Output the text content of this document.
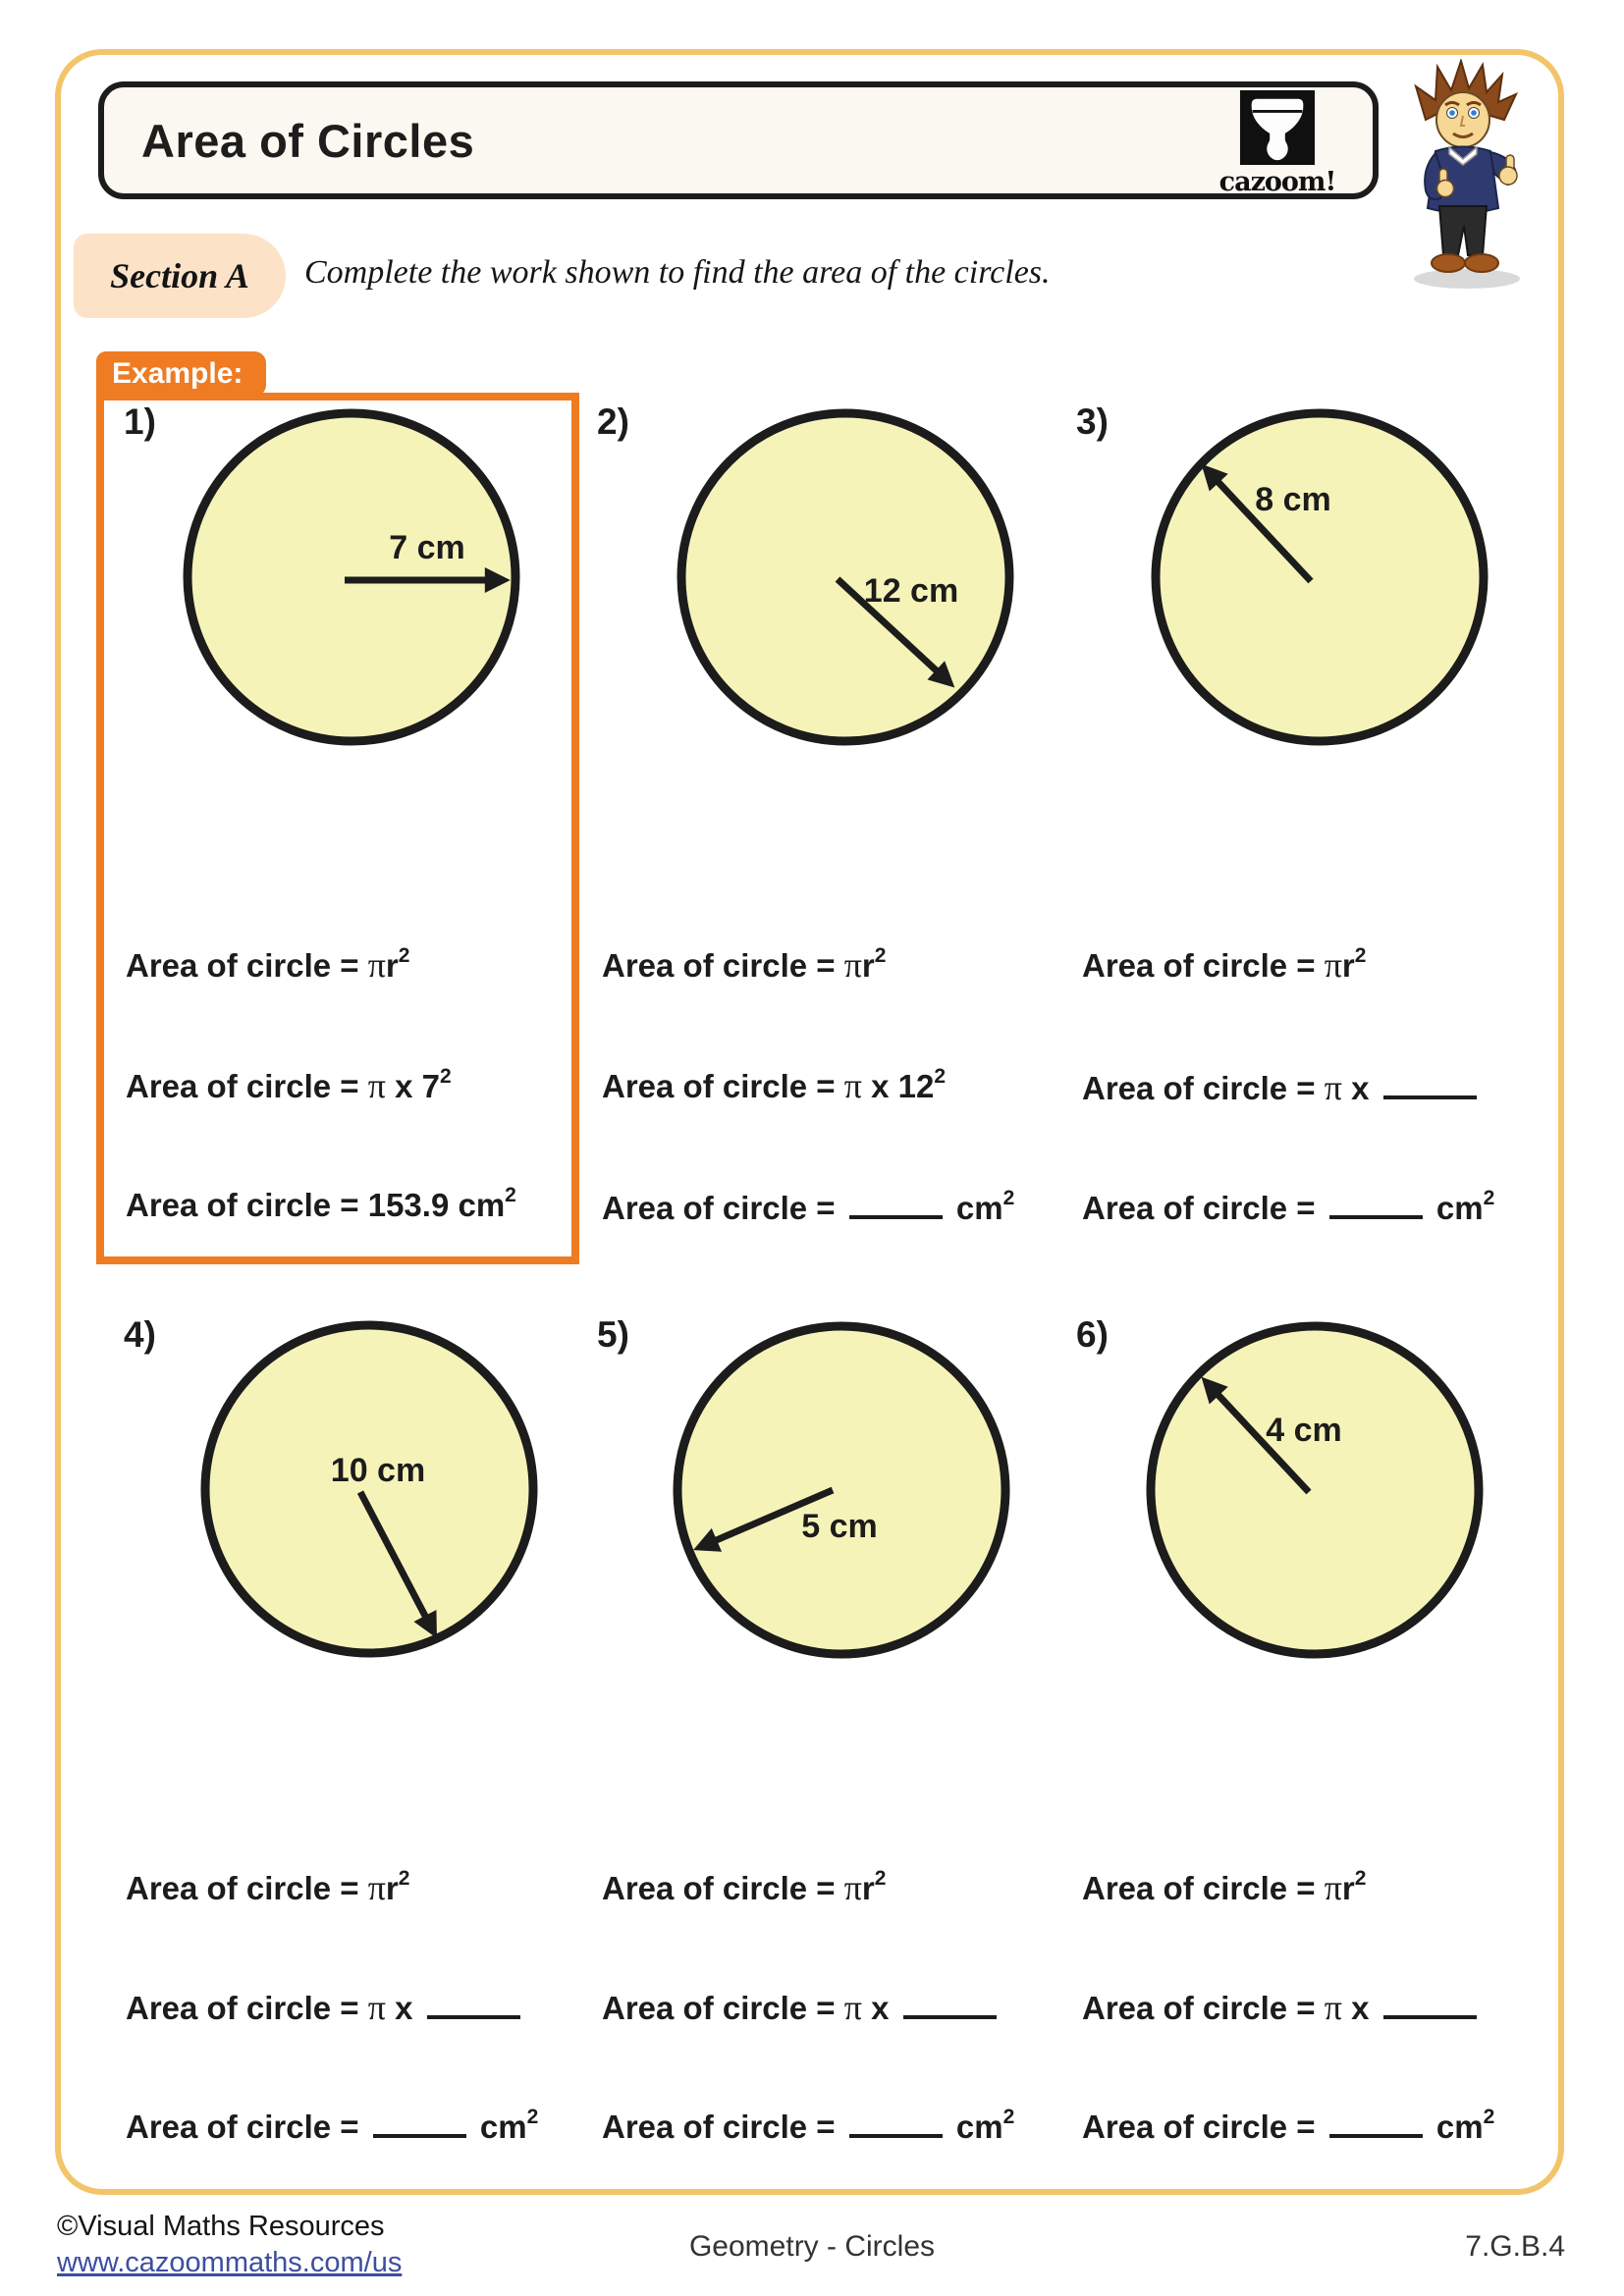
Area of Circles
cazoom!
Section A Complete the work shown to find the area of the circles.
Example:
1)
7 cm
Area of circle = $\pi r^2$
Area of circle = π x $7^2$
Area of circle = 153.9 $cm^2$
2)
12 cm
Area of circle = $\pi r^2$
Area of circle = π x $12^2$
Area of circle =	$cm^2$
3)
8 cm
Area of circle = $\pi r^2$
Area of circle = π x
Area of circle =	$cm^2$
4)
10 cm
Area of circle = $\pi r^2$
Area of circle = π x
Area of circle =	$cm^2$
5)
5 cm
Area of circle = $\pi r^2$
Area of circle = π x
Area of circle =	$cm^2$
6)
4 cm
Area of circle = $\pi r^2$
Area of circle = π x
Area of circle =	$cm^2$
©Visual Maths Resources
www.cazoommaths.com/us	Geometry - Circles	7.G.B.4
